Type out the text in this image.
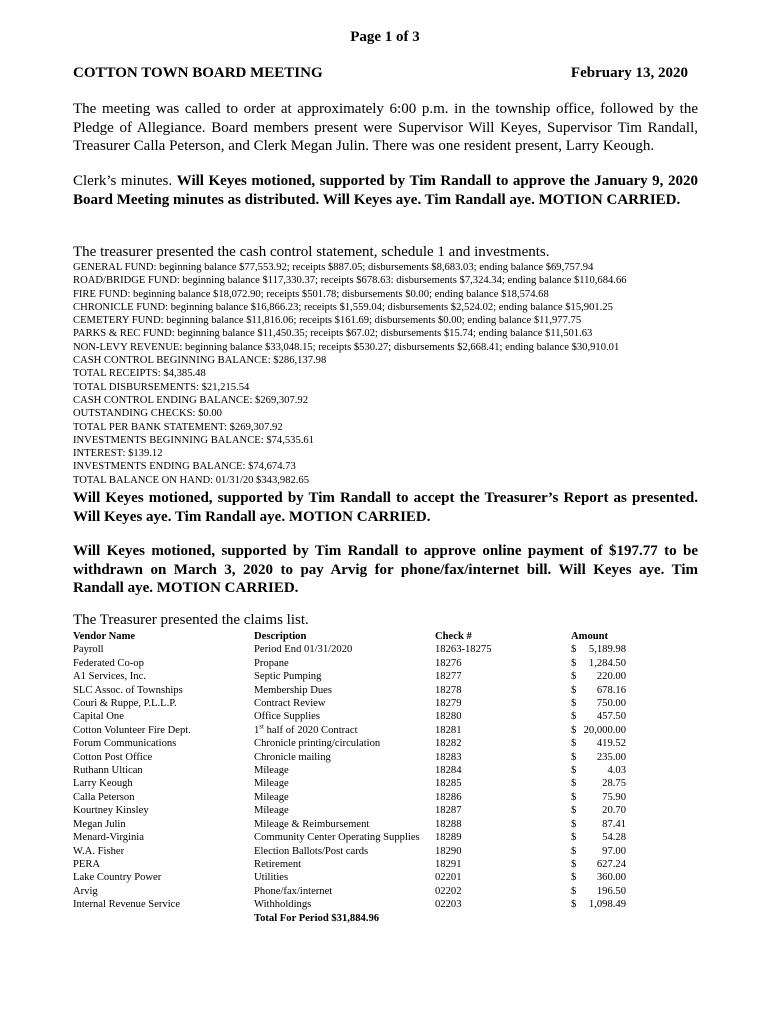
Page 1 of 3
COTTON TOWN BOARD MEETING	February 13, 2020
The meeting was called to order at approximately 6:00 p.m. in the township office, followed by the Pledge of Allegiance. Board members present were Supervisor Will Keyes, Supervisor Tim Randall, Treasurer Calla Peterson, and Clerk Megan Julin. There was one resident present, Larry Keough.
Clerk’s minutes. Will Keyes motioned, supported by Tim Randall to approve the January 9, 2020 Board Meeting minutes as distributed. Will Keyes aye. Tim Randall aye. MOTION CARRIED.
The treasurer presented the cash control statement, schedule 1 and investments.
GENERAL FUND: beginning balance $77,553.92; receipts $887.05; disbursements $8,683.03; ending balance $69,757.94
ROAD/BRIDGE FUND: beginning balance $117,330.37; receipts $678.63: disbursements $7,324.34; ending balance $110,684.66
FIRE FUND: beginning balance $18,072.90; receipts $501.78; disbursements $0.00; ending balance $18,574.68
CHRONICLE FUND: beginning balance $16,866.23; receipts $1,559.04; disbursements $2,524.02; ending balance $15,901.25
CEMETERY FUND: beginning balance $11,816.06; receipts $161.69; disbursements $0.00; ending balance $11,977.75
PARKS & REC FUND: beginning balance $11,450.35; receipts $67.02; disbursements $15.74; ending balance $11,501.63
NON-LEVY REVENUE: beginning balance $33,048.15; receipts $530.27; disbursements $2,668.41; ending balance $30,910.01
CASH CONTROL BEGINNING BALANCE: $286,137.98
TOTAL RECEIPTS: $4,385.48
TOTAL DISBURSEMENTS: $21,215.54
CASH CONTROL ENDING BALANCE: $269,307.92
OUTSTANDING CHECKS: $0.00
TOTAL PER BANK STATEMENT: $269,307.92
INVESTMENTS BEGINNING BALANCE: $74,535.61
INTEREST: $139.12
INVESTMENTS ENDING BALANCE: $74,674.73
TOTAL BALANCE ON HAND: 01/31/20 $343,982.65
Will Keyes motioned, supported by Tim Randall to accept the Treasurer’s Report as presented. Will Keyes aye. Tim Randall aye. MOTION CARRIED.
Will Keyes motioned, supported by Tim Randall to approve online payment of $197.77 to be withdrawn on March 3, 2020 to pay Arvig for phone/fax/internet bill. Will Keyes aye. Tim Randall aye. MOTION CARRIED.
The Treasurer presented the claims list.
Vendor Name	Description	Check #	Amount
Payroll	Period End 01/31/2020	18263-18275	$ 5,189.98
Federated Co-op	Propane	18276	$ 1,284.50
A1 Services, Inc.	Septic Pumping	18277	$ 220.00
SLC Assoc. of Townships	Membership Dues	18278	$ 678.16
Couri & Ruppe, P.L.L.P.	Contract Review	18279	$ 750.00
Capital One	Office Supplies	18280	$ 457.50
Cotton Volunteer Fire Dept.	1st half of 2020 Contract	18281	$ 20,000.00
Forum Communications	Chronicle printing/circulation	18282	$ 419.52
Cotton Post Office	Chronicle mailing	18283	$ 235.00
Ruthann Ultican	Mileage	18284	$ 4.03
Larry Keough	Mileage	18285	$ 28.75
Calla Peterson	Mileage	18286	$ 75.90
Kourtney Kinsley	Mileage	18287	$ 20.70
Megan Julin	Mileage & Reimbursement	18288	$ 87.41
Menard-Virginia	Community Center Operating Supplies	18289	$ 54.28
W.A. Fisher	Election Ballots/Post cards	18290	$ 97.00
PERA	Retirement	18291	$ 627.24
Lake Country Power	Utilities	02201	$ 360.00
Arvig	Phone/fax/internet	02202	$ 196.50
Internal Revenue Service	Withholdings	02203	$ 1,098.49
	Total For Period $31,884.96		
